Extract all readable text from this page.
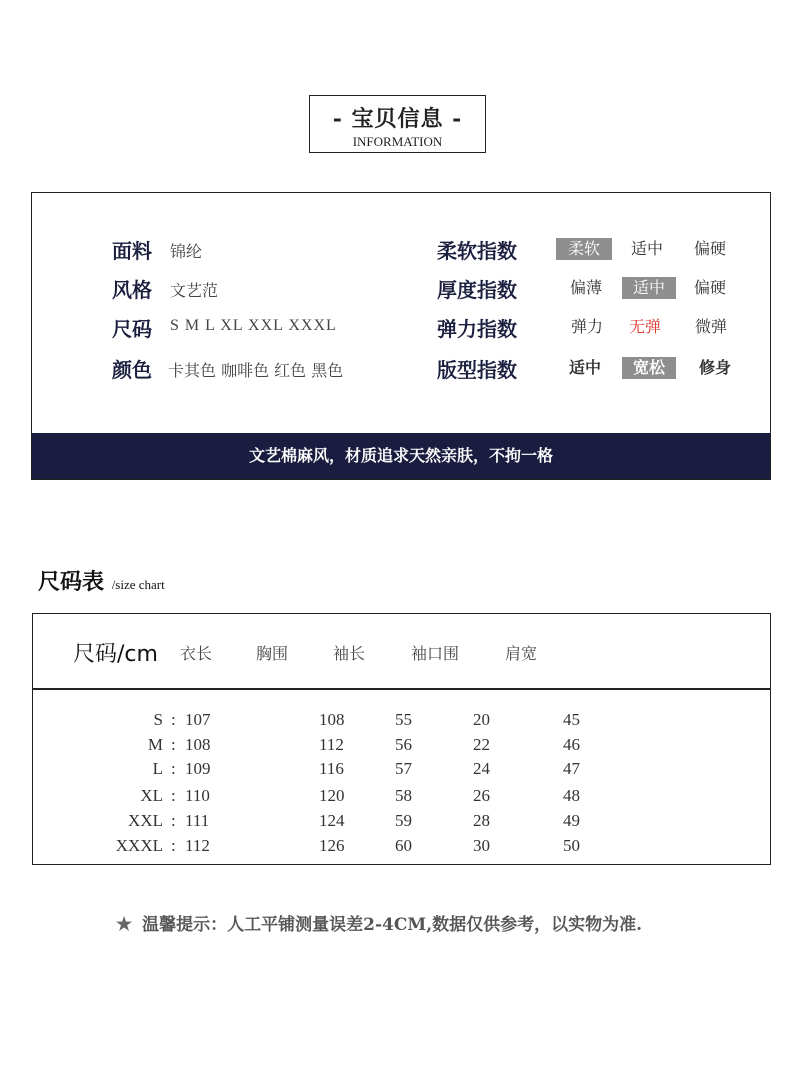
- 宝贝信息 -
INFORMATION
面料 锦纶	柔软指数	柔软	适中	偏硬
风格 文艺范	厚度指数	偏薄	适中	偏硬
尺码 S M L XL XXL XXXL	弹力指数	弹力	无弹	微弹
颜色 卡其色 咖啡色 红色 黑色	版型指数	适中	宽松	修身
文艺棉麻风，材质追求天然亲肤，不拘一格
尺码表 /size chart
尺码/cm 衣长	胸围	袖长	袖口围	肩宽
S : 107	108	55	20	45
M : 108	112	56	22	46
L : 109	116	57	24	47
XL : 110	120	58	26	48
XXL : 111	124	59	28	49
XXXL : 112	126	60	30	50
★ 温馨提示：人工平铺测量误差2-4CM,数据仅供参考，以实物为准.
